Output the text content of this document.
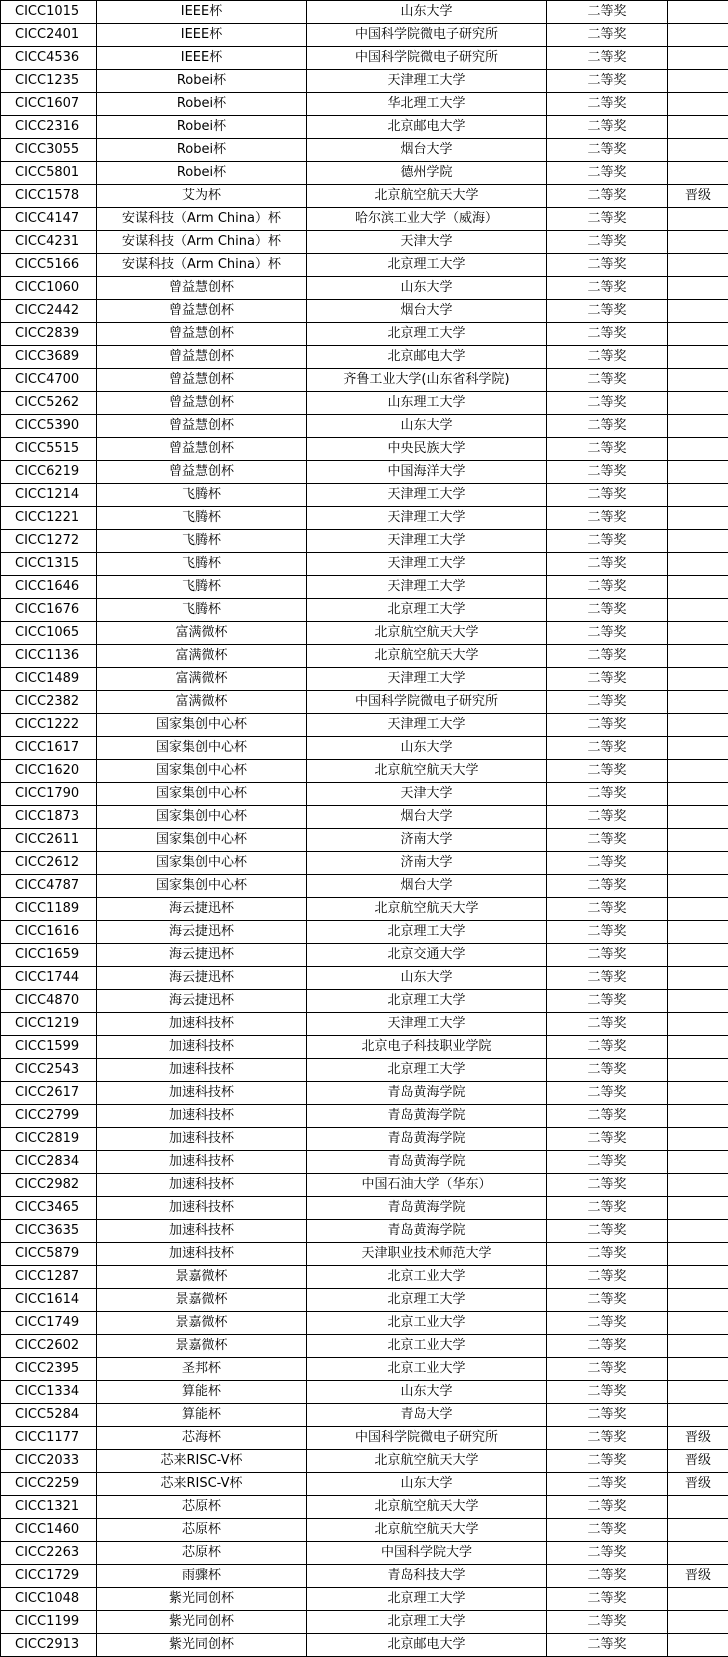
CICC1015	IEEE杯	山东大学	二等奖	
CICC2401	IEEE杯	中国科学院微电子研究所	二等奖	
CICC4536	IEEE杯	中国科学院微电子研究所	二等奖	
CICC1235	Robei杯	天津理工大学	二等奖	
CICC1607	Robei杯	华北理工大学	二等奖	
CICC2316	Robei杯	北京邮电大学	二等奖	
CICC3055	Robei杯	烟台大学	二等奖	
CICC5801	Robei杯	德州学院	二等奖	
CICC1578	艾为杯	北京航空航天大学	二等奖	晋级
CICC4147	安谋科技（Arm China）杯	哈尔滨工业大学（威海）	二等奖	
CICC4231	安谋科技（Arm China）杯	天津大学	二等奖	
CICC5166	安谋科技（Arm China）杯	北京理工大学	二等奖	
CICC1060	曾益慧创杯	山东大学	二等奖	
CICC2442	曾益慧创杯	烟台大学	二等奖	
CICC2839	曾益慧创杯	北京理工大学	二等奖	
CICC3689	曾益慧创杯	北京邮电大学	二等奖	
CICC4700	曾益慧创杯	齐鲁工业大学(山东省科学院)	二等奖	
CICC5262	曾益慧创杯	山东理工大学	二等奖	
CICC5390	曾益慧创杯	山东大学	二等奖	
CICC5515	曾益慧创杯	中央民族大学	二等奖	
CICC6219	曾益慧创杯	中国海洋大学	二等奖	
CICC1214	飞腾杯	天津理工大学	二等奖	
CICC1221	飞腾杯	天津理工大学	二等奖	
CICC1272	飞腾杯	天津理工大学	二等奖	
CICC1315	飞腾杯	天津理工大学	二等奖	
CICC1646	飞腾杯	天津理工大学	二等奖	
CICC1676	飞腾杯	北京理工大学	二等奖	
CICC1065	富满微杯	北京航空航天大学	二等奖	
CICC1136	富满微杯	北京航空航天大学	二等奖	
CICC1489	富满微杯	天津理工大学	二等奖	
CICC2382	富满微杯	中国科学院微电子研究所	二等奖	
CICC1222	国家集创中心杯	天津理工大学	二等奖	
CICC1617	国家集创中心杯	山东大学	二等奖	
CICC1620	国家集创中心杯	北京航空航天大学	二等奖	
CICC1790	国家集创中心杯	天津大学	二等奖	
CICC1873	国家集创中心杯	烟台大学	二等奖	
CICC2611	国家集创中心杯	济南大学	二等奖	
CICC2612	国家集创中心杯	济南大学	二等奖	
CICC4787	国家集创中心杯	烟台大学	二等奖	
CICC1189	海云捷迅杯	北京航空航天大学	二等奖	
CICC1616	海云捷迅杯	北京理工大学	二等奖	
CICC1659	海云捷迅杯	北京交通大学	二等奖	
CICC1744	海云捷迅杯	山东大学	二等奖	
CICC4870	海云捷迅杯	北京理工大学	二等奖	
CICC1219	加速科技杯	天津理工大学	二等奖	
CICC1599	加速科技杯	北京电子科技职业学院	二等奖	
CICC2543	加速科技杯	北京理工大学	二等奖	
CICC2617	加速科技杯	青岛黄海学院	二等奖	
CICC2799	加速科技杯	青岛黄海学院	二等奖	
CICC2819	加速科技杯	青岛黄海学院	二等奖	
CICC2834	加速科技杯	青岛黄海学院	二等奖	
CICC2982	加速科技杯	中国石油大学（华东）	二等奖	
CICC3465	加速科技杯	青岛黄海学院	二等奖	
CICC3635	加速科技杯	青岛黄海学院	二等奖	
CICC5879	加速科技杯	天津职业技术师范大学	二等奖	
CICC1287	景嘉微杯	北京工业大学	二等奖	
CICC1614	景嘉微杯	北京理工大学	二等奖	
CICC1749	景嘉微杯	北京工业大学	二等奖	
CICC2602	景嘉微杯	北京工业大学	二等奖	
CICC2395	圣邦杯	北京工业大学	二等奖	
CICC1334	算能杯	山东大学	二等奖	
CICC5284	算能杯	青岛大学	二等奖	
CICC1177	芯海杯	中国科学院微电子研究所	二等奖	晋级
CICC2033	芯来RISC-V杯	北京航空航天大学	二等奖	晋级
CICC2259	芯来RISC-V杯	山东大学	二等奖	晋级
CICC1321	芯原杯	北京航空航天大学	二等奖	
CICC1460	芯原杯	北京航空航天大学	二等奖	
CICC2263	芯原杯	中国科学院大学	二等奖	
CICC1729	雨骤杯	青岛科技大学	二等奖	晋级
CICC1048	紫光同创杯	北京理工大学	二等奖	
CICC1199	紫光同创杯	北京理工大学	二等奖	
CICC2913	紫光同创杯	北京邮电大学	二等奖	
